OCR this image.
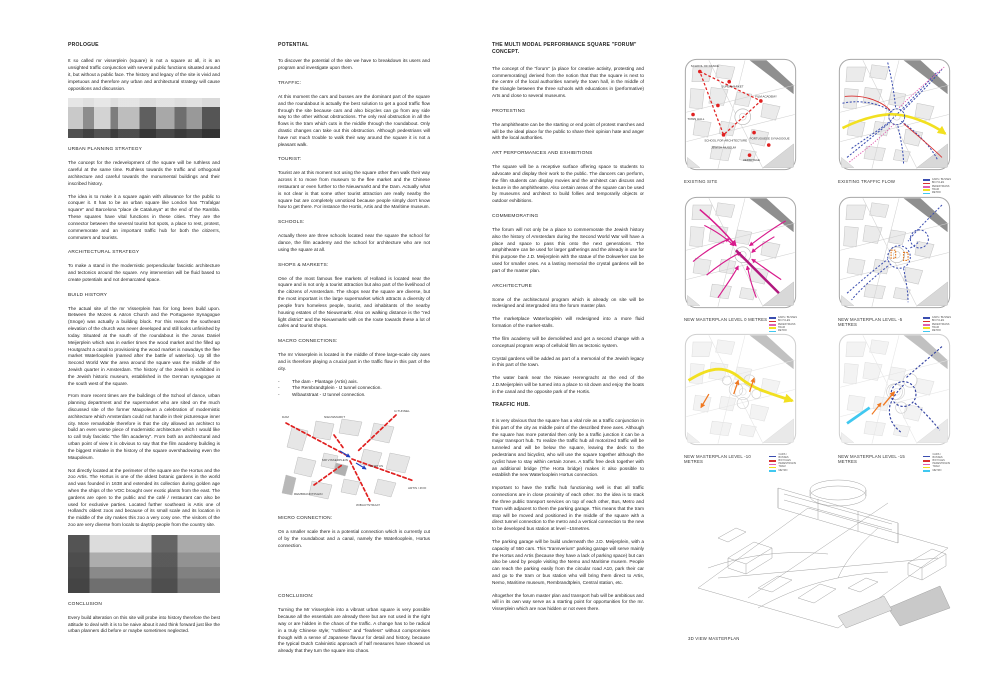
PROLOGUE

It so called mr visserplein (square) is not a square at all, it is an unsighted traffic conjunction with several public functions situated around it, but without a public face. The history and legacy of the site is vivid and impetuous and therefore any urban and architectural strategy will cause oppositions and discussion.

URBAN PLANNING STRATEGY

The concept for the redevelopment of the square will be ruthless and careful at the same time. Ruthless towards the traffic and orthogonal architecture and careful towards the monumental buildings and their inscribed history.

The idea is to make it a square again with allowance for the public to conquer it. It has to be an urban square like London has "Trafalgar square" and Barcelona "place de Catalunya" at the end of the Rambla. These squares have vital functions in these cities. They are the connector between the several tourist hot spots, a place to rest, protest, commemorate and an important traffic hub for both the citizen's, commuters and tourists.

ARCHITECTURAL STRATEGY

To make a stand in the modernistic perpendicular fascistic architecture and tectonics around the square. Any intervention will be fluid based to create potentials and not demarcated space.

BUILD HISTORY

The actual site of the mr Visserplein has for long been build upon. Between the Mozes & Aäron Church and the Portuguese Synagogue (Snoge) was actually a building block. For this reason the southeast elevation of the church was never developed and still looks unfinished by today. Situated at the south of the roundabout is the Jonas Daniel Meijerplein which was in earlier times the wood market and the filled up Houtgracht a canal to provisioning the wood market is nowadays the flee market Waterlooplein (named after the battle of waterloo). Up till the Second World War the area around the square was the middle of the Jewish quarter in Amsterdam. The history of the Jewish is exhibited in the Jewish historic museum, established in the German synagogue at the south west of the square.

From more recent times are the buildings of the School of dance, urban planning department and the supermarket who are sited on the much discussed site of the former Maupoleum a celebration of modernistic architecture which Amsterdam could not handle in their picturesque inner city. More remarkable therefore is that the city allowed an architect to build an even worse piece of modernistic architecture which I would like to call truly fascistic "the film academy". From both an architectural and urban point of view it is obvious to say that the film academy building is the biggest mistake in the history of the square overshadowing even the Maupoleum.

Not directly located at the perimeter of the square are the Hortus and the zoo Artis. The Hortus is one of the oldest botanic gardens in the world and was founded in 1638 and extended its collection during golden age when the ships of the VOC brought over exotic plants from the east. The gardens are open to the public and the café / restaurant can also be used for exclusive parties. Located further southeast is Artis one of Holland's oldest zoos and because of its small scale and its location in the middle of the city makes this zoo a very cosy one. The visitors of the zoo are very diverse from locals to daytrip people from the country site.

CONCLUSION

Every build alteration on this site will probe into history therefore the best attitude to deal with it is to be naive about it and think forward just like the urban planners did before or maybe sometimes neglected.

POTENTIAL

To discover the potential of the site we have to breakdown its users and program and investigate upon them.

TRAFFIC:

At this moment the cars and busses are the dominant part of the square and the roundabout is actually the best solution to get a good traffic flow through the site because cars and also bicycles can go from any side way to the other without obstructions. The only real obstruction in all the flows is the tram which cuts in the middle through the roundabout. Only drastic changes can take out this obstruction. Although pedestrians will have not much trouble to walk their way around the square it is not a pleasant walk.

TOURIST:

Tourist are at this moment not using the square other then walk their way across it to move from museum to the flee market and the Chinese restaurant or even further to the Nieuwmarkt and the Dam. Actually what is not clear is that some other tourist attraction are really nearby the square but are completely unnoticed because people simply don't know how to get there. For instance the Hortis, Artis and the Maritime museum.

SCHOOLS:

Actually there are three schools located near the square the school for dance, the film academy and the school for architecture who are not using the square at all.

SHOPS & MARKETS:

One of the most famous flee markets of Holland is located near the square and is not only a tourist attraction but also part of the livelihood of the citizens of Amsterdam. The shops near the square are diverse, but the most important is the large supermarket which attracts a diversity of people from homeless people, tourist, and inhabitants of the nearby housing estates of the Nieuwmarkt. Also on walking distance is the "red light district" and the Nieuwmarkt with on the route towards these a lot of cafes and tourist shops.

MACRO CONNECTIONS:

The mr Visserplein is located in the middle of three large-scale city axes and is therefore playing a crucial part in the traffic flow in this part of the city.

-	The dam - Plantage (Artis) axis.
-	The Rembrandtplein - IJ tunnel connection.
-	Wibautstraat - IJ tunnel connection.
DAM	NIEUWMARKT
IJ-TUNNEL
MR VISSERPLEIN
HORTUS
REMBRANDTPLEIN
WIBAUTSTRAAT
ARTIS / ZOO
MICRO CONNECTION:

On a smaller scale there is a potential connection which is currently cut of by the roundabout and a canal, namely the Waterlooplein, Hortus connection.

CONCLUSION:

Turning the Mr Visserplein into a vibrant urban square is very possible because all the essentials are already there but are not used in the right way or are hidden in the chaos of the traffic. A change has to be radical in a truly Chinese style; "ruthless" and "fearless" without compromises though with a sense of Japanese flavour for detail and history, because the typical Dutch Calvinistic approach of half measures have showed us already that they turn the square into chaos.

THE MULTI MODAL PERFORMANCE SQUARE "FORUM" CONCEPT.

The concept of the "forum" (a place for creative activity, protesting and commemorating) derived from the notion that that the square is next to the centre of the local authorities namely the town hall, in the middle of the triangle between the three schools with educations in (performative) Arts and close to several museums.

PROTESTING

The amphitheatre can be the starting or end point of protest marches and will be the ideal place for the public to share their opinion hate and anger with the local authorities.

ART PERFORMANCES AND EXHIBITIONS

The square will be a receptive surface offering space to students to advocate and display their work to the public. The dancers can perform, the film students can display movies and the architect can discuss and lecture in the amphitheatre. Also certain areas of the square can be used by museums and architect to build follies and temporarily objects or outdoor exhibitions.

COMMEMORATING

The forum will not only be a place to commemorate the Jewish history also the history of Amsterdam during the Second World War will have a place and space to pass this onto the next generations. The amphitheatre can be used for larger gatherings and the already in use for this purpose the J.D. Meijerplein with the statue of the Dokwerker can be used for smaller ones. As a lasting memorial the crystal gardens will be part of the master plan.

ARCHITECTURE

Some of the architectural program which is already on site will be redesigned and intergraded into the forum master plan.

The marketplace Waterlooplein will redesigned into a more fluid formation of the market-stalls.

The film academy will be demolished and get a second change with a conceptual program wrap of celluloid film as tectonic system.

Crystal gardens will be added as part of a memorial of the Jewish legacy in this part of the town.

The water bank near the Nieuwe Herengracht at the end of the J.D.Meijerplein will be turned into a place to sit down and enjoy the boats in the canal and the opposite park of the Hortis.

TRAFFIC HUB.

It is very obvious that the square has a vital role as a traffic conjunction in this part of the city as middle point of the described three axes. Although the square has more potential then only be a traffic junction it can be a major transport hub. To realize the traffic hub all motorized traffic will be tunneled and will be below the square, leaving the deck to the pedestrians and bicyclist, who will use the square together although the cyclist have to stay within certain zones. A traffic free deck together with an additional bridge (The Horta bridge) makes it also possible to establish the new Waterlooplein Hortus connection.

Important to have the traffic hub functioning well is that all traffic connections are in close proximity of each other. So the idea is to stack the three public transport services on top of each other, Bus, Metro and Tram with adjacent to them the parking garage. This means that the tram stop will be moved and positioned in the middle of the square with a direct tunnel connection to the metro and a vertical connection to the new to be developed bus station at level –15metres.

The parking garage will be build underneath the J.D. Meijerplein, with a capacity of 550 cars. This "transverium" parking garage will serve mainly the Hortus and Artis (because they have a lack of parking space) but can also be used by people visiting the Nemo and Maritime musem. People can reach the parking easily from the circular road A10, park their car and go to the tram or bus station who will bring them direct to Artis, Nemo, Maritime museum, Rembrandtplein, Central station, etc.

Altogether the forum master plan and transport hub will be ambitious and will in its own way serve as a starting point for opportunities for the mr. Visserplein which are now hidden or not even there.

SCHOOL OF DANCE
SUPERMARKET
FILM ACADEMY
TOWN HALL
SCHOOL FOR ARCHITECTURE
JEWISH MUSEUM
PORTUGUESE SYNAGOGUE
HERMITAGE
EXISTING SITE	EXISTING TRAFFIC FLOW	CARS / BUSSES
BICYCLES
PEDESTRIANS
TRAM
METRO
NEW MASTERPLAN LEVEL 0 METRES	CARS / BUSSES
BICYCLES
PEDESTRIANS
TRAM
METRO
NEW MASTERPLAN LEVEL -5 METRES
CARS / BUSSES
BICYCLES
PEDESTRIANS
TRAM
METRO
NEW MASTERPLAN LEVEL -10 METRES
CARS / BUSSES
BICYCLES
PEDESTRIANS
TRAM
METRO
NEW MASTERPLAN LEVEL -15 METRES
CARS / BUSSES
BICYCLES
PEDESTRIANS
TRAM
METRO
3D VIEW MASTERPLAN
